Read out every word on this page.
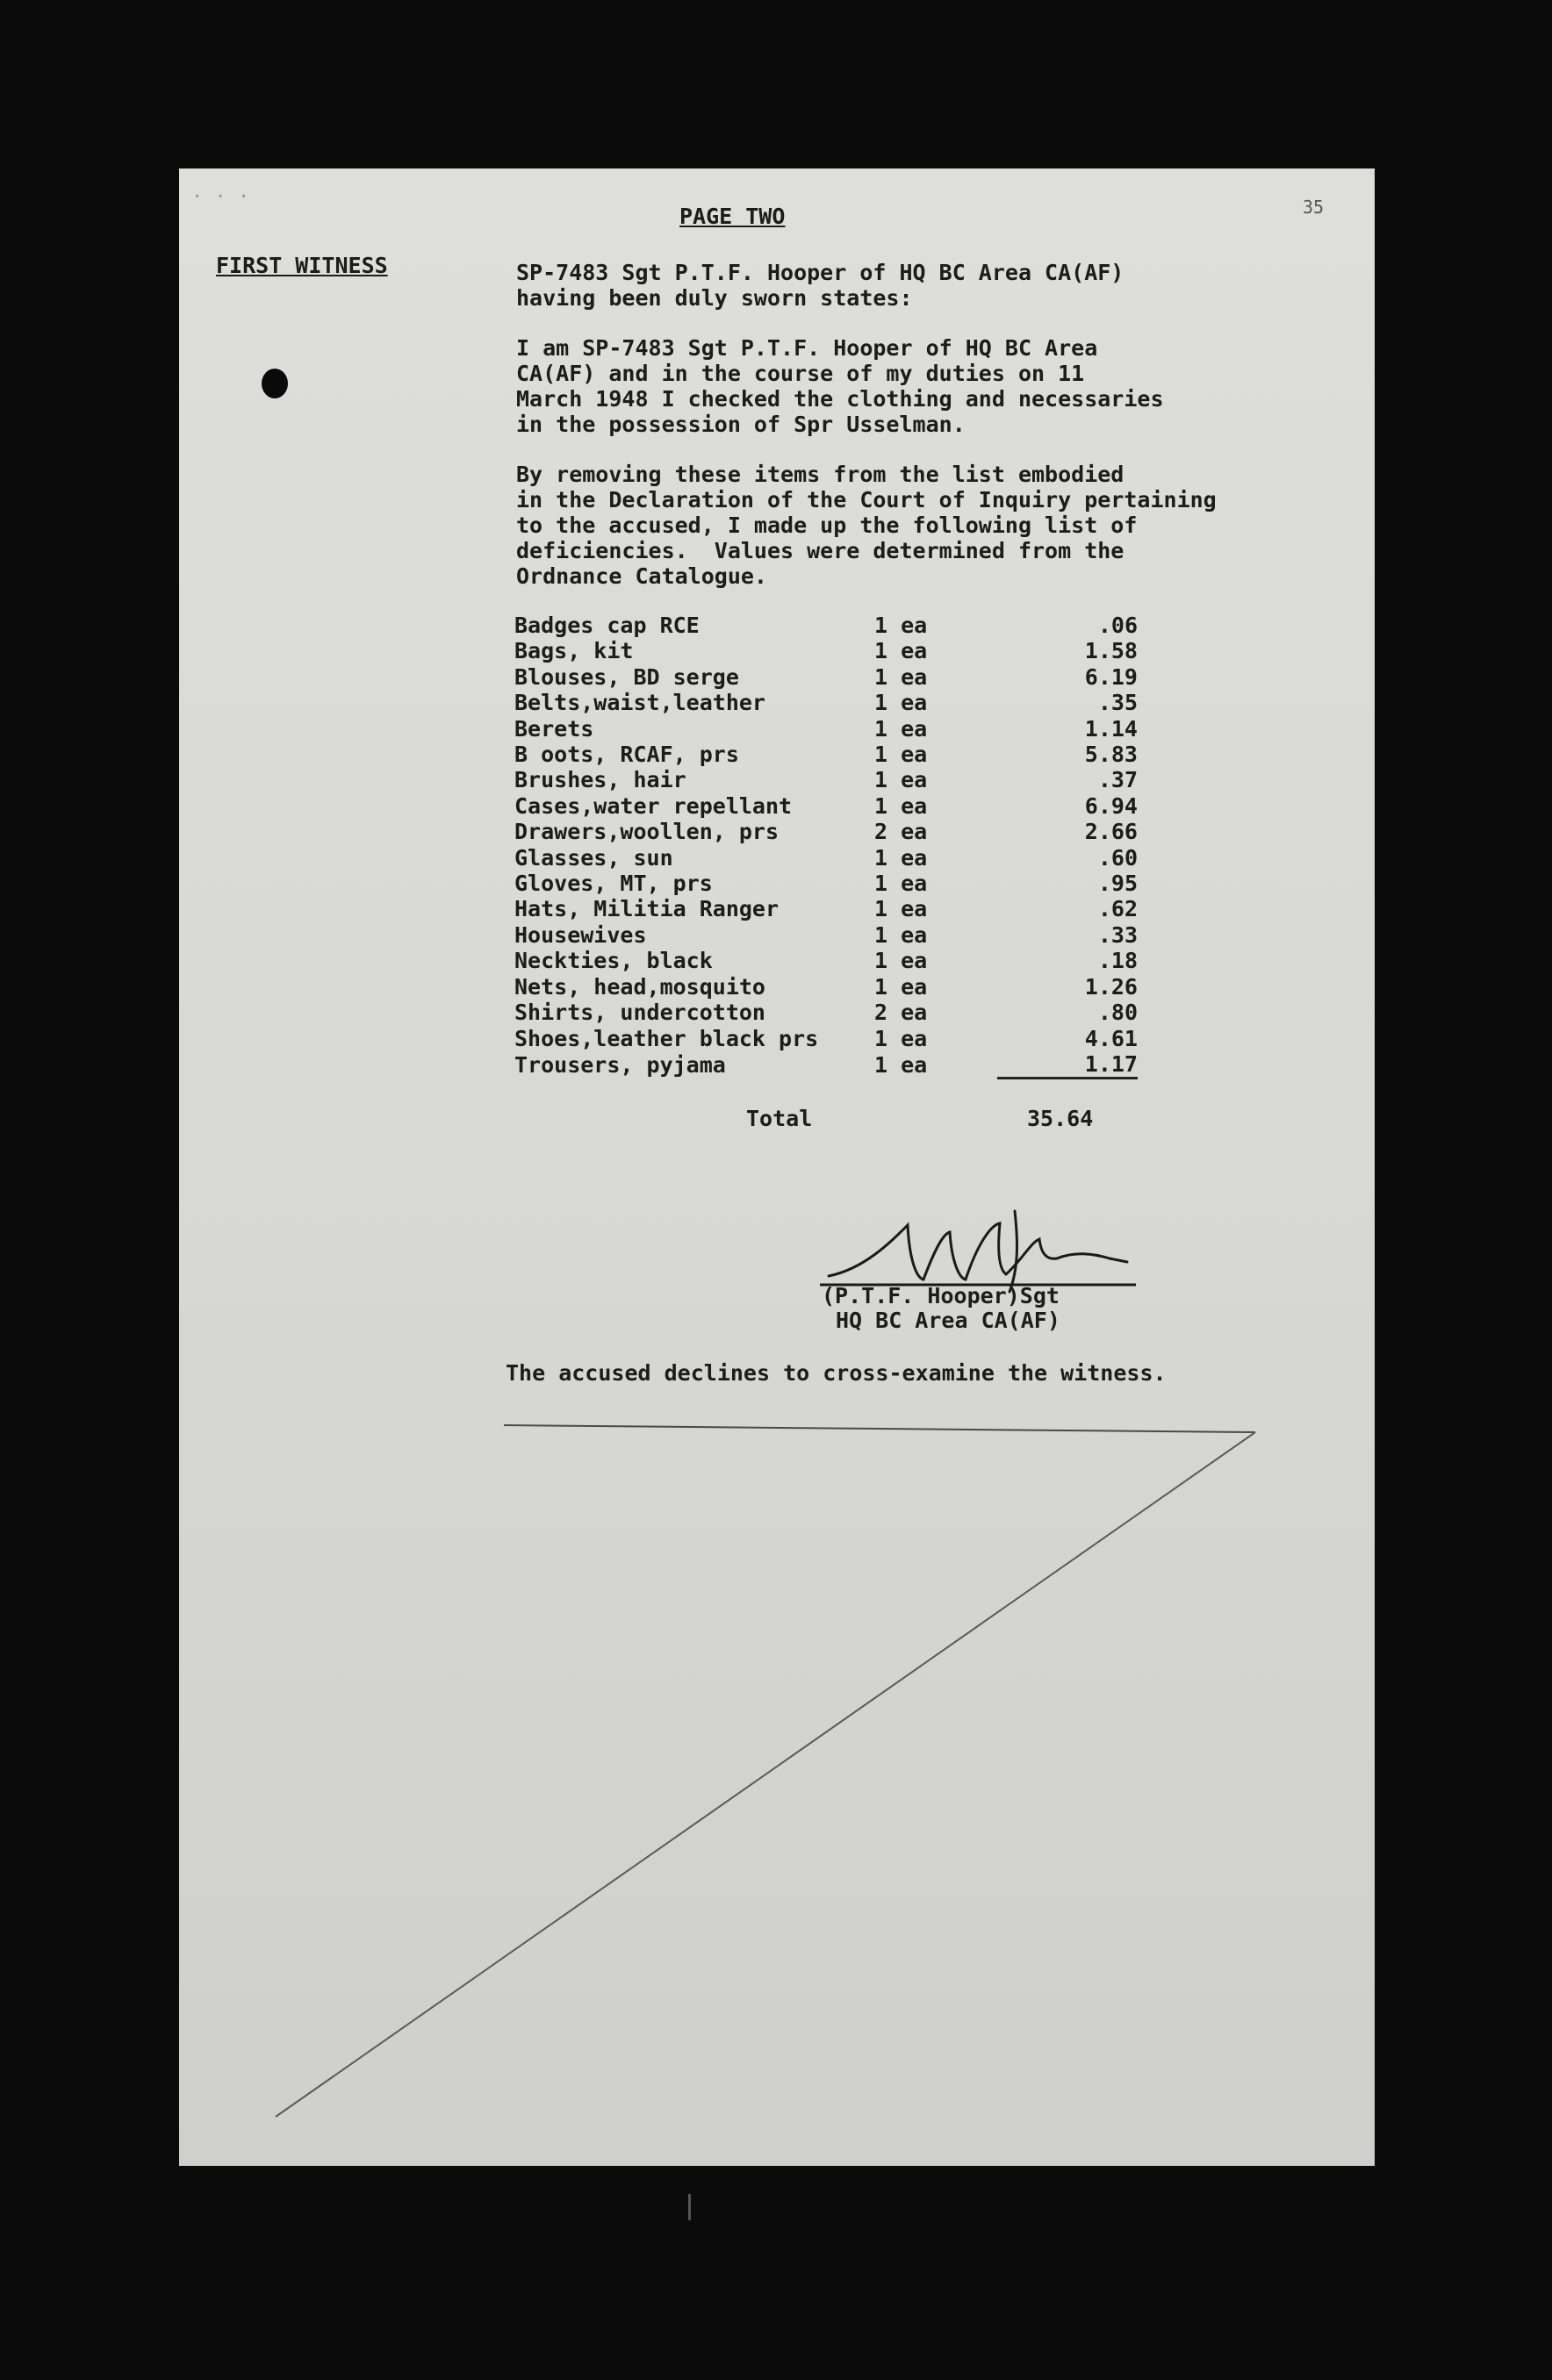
· · ·
PAGE TWO	35
FIRST WITNESS	SP-7483 Sgt P.T.F. Hooper of HQ BC Area CA(AF)
having been duly sworn states:
I am SP-7483 Sgt P.T.F. Hooper of HQ BC Area
CA(AF) and in the course of my duties on 11
March 1948 I checked the clothing and necessaries
in the possession of Spr Usselman.
By removing these items from the list embodied
in the Declaration of the Court of Inquiry pertaining
to the accused, I made up the following list of
deficiencies.  Values were determined from the
Ordnance Catalogue.
Badges cap RCE	1 ea	.06
Bags, kit	1 ea	1.58
Blouses, BD serge	1 ea	6.19
Belts,waist,leather	1 ea	.35
Berets	1 ea	1.14
B oots, RCAF, prs	1 ea	5.83
Brushes, hair	1 ea	.37
Cases,water repellant	1 ea	6.94
Drawers,woollen, prs	2 ea	2.66
Glasses, sun	1 ea	.60
Gloves, MT, prs	1 ea	.95
Hats, Militia Ranger	1 ea	.62
Housewives	1 ea	.33
Neckties, black	1 ea	.18
Nets, head,mosquito	1 ea	1.26
Shirts, undercotton	2 ea	.80
Shoes,leather black prs	1 ea	4.61
Trousers, pyjama	1 ea	1.17
Total	35.64
(P.T.F. Hooper)Sgt
HQ BC Area CA(AF)
The accused declines to cross-examine the witness.
